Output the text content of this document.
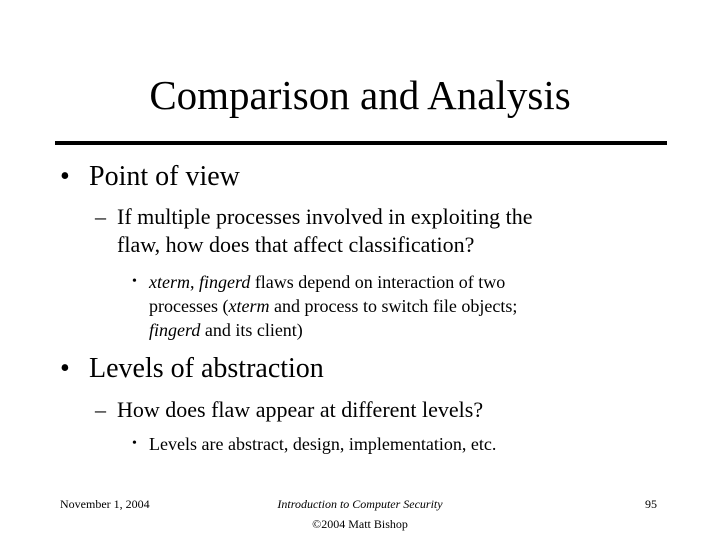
Comparison and Analysis
• Point of view
– If multiple processes involved in exploiting the
flaw, how does that affect classification?
• xterm, fingerd flaws depend on interaction of two
processes (xterm and process to switch file objects;
fingerd and its client)
• Levels of abstraction
– How does flaw appear at different levels?
• Levels are abstract, design, implementation, etc.
November 1, 2004	Introduction to Computer Security
©2004 Matt Bishop
95
